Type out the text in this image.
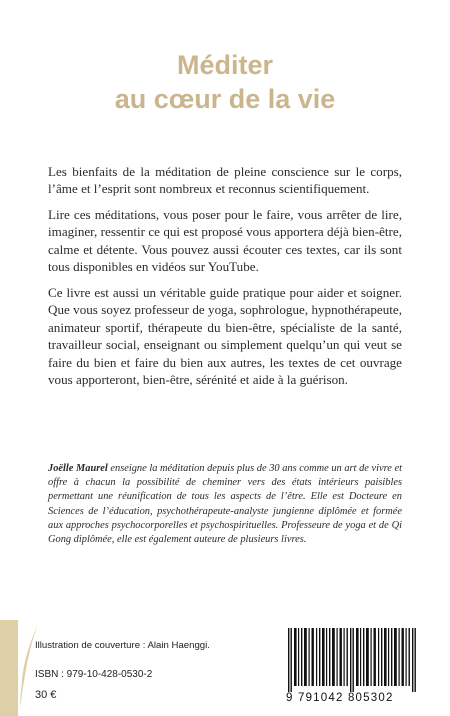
Méditer
au cœur de la vie

Les bienfaits de la méditation de pleine conscience sur le corps, l’âme et l’esprit sont nombreux et reconnus scientifiquement.

Lire ces méditations, vous poser pour le faire, vous arrêter de lire, imaginer, ressentir ce qui est proposé vous apportera déjà bien-être, calme et détente. Vous pouvez aussi écouter ces textes, car ils sont tous disponibles en vidéos sur YouTube.

Ce livre est aussi un véritable guide pratique pour aider et soigner. Que vous soyez professeur de yoga, sophrologue, hypnothérapeute, animateur sportif, thérapeute du bien-être, spécialiste de la santé, travailleur social, enseignant ou simplement quelqu’un qui veut se faire du bien et faire du bien aux autres, les textes de cet ouvrage vous apporteront, bien-être, sérénité et aide à la guérison.

Joëlle Maurel enseigne la méditation depuis plus de 30 ans comme un art de vivre et offre à chacun la possibilité de cheminer vers des états intérieurs paisibles permettant une réunification de tous les aspects de l’être. Elle est Docteure en Sciences de l’éducation, psychothérapeute-analyste jungienne diplômée et formée aux approches psychocorporelles et psychospirituelles. Professeure de yoga et de Qi Gong diplômée, elle est également auteure de plusieurs livres.

Illustration de couverture : Alain Haenggi.
ISBN : 979-10-428-0530-2
30 €	9 791042 805302
